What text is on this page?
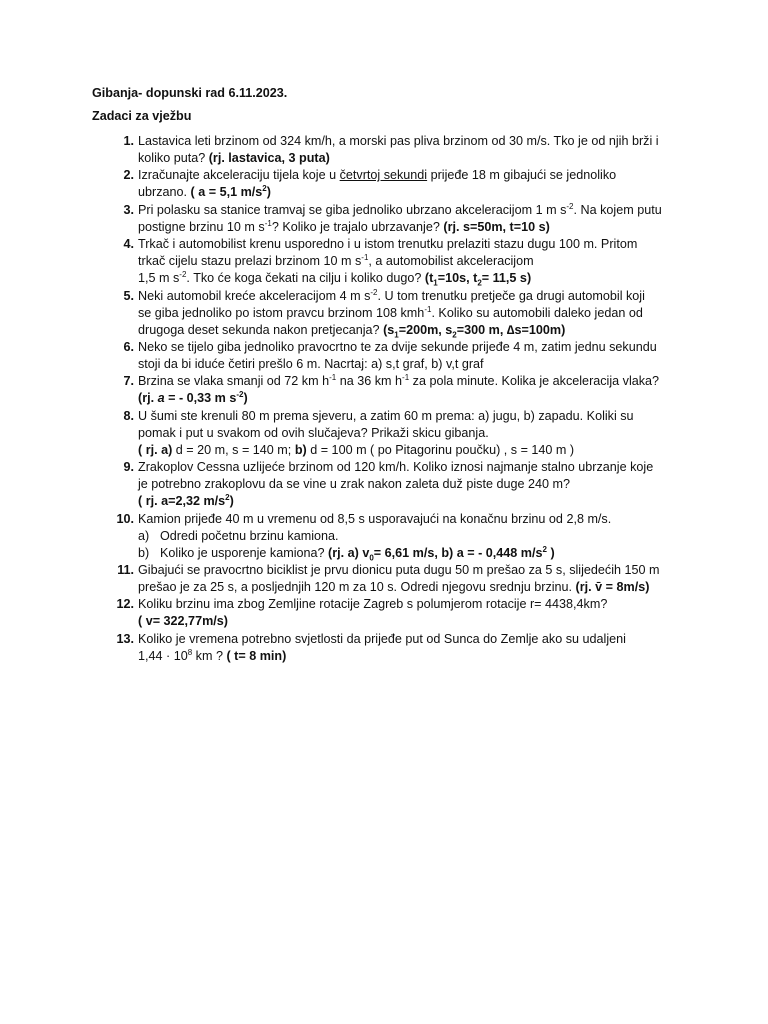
Gibanja- dopunski rad 6.11.2023.
Zadaci za vježbu
1. Lastavica leti brzinom od 324 km/h, a morski pas pliva brzinom od 30 m/s. Tko je od njih brži i
koliko puta? (rj. lastavica, 3 puta)
2. Izračunajte akceleraciju tijela koje u četvrtoj sekundi prijeđe 18 m gibajući se jednoliko
ubrzano. ( a = 5,1 $m/s^2$)
3. Pri polasku sa stanice tramvaj se giba jednoliko ubrzano akceleracijom 1 m $s^{-2}$. Na kojem putu
postigne brzinu 10 m $s^{-1}$? Koliko je trajalo ubrzavanje? (rj. s=50m, t=10 s)
4. Trkač i automobilist krenu usporedno i u istom trenutku prelaziti stazu dugu 100 m. Pritom
trkač cijelu stazu prelazi brzinom 10 m $s^{-1}$, a automobilist akceleracijom
1,5 m $s^{-2}$. Tko će koga čekati na cilju i koliko dugo? ($t_1=10s$, $t_2= 11,5$ s)
5. Neki automobil kreće akceleracijom 4 m $s^{-2}$. U tom trenutku pretječe ga drugi automobil koji
se giba jednoliko po istom pravcu brzinom 108 kmh$^{-1}$. Koliko su automobili daleko jedan od
drugoga deset sekunda nakon pretjecanja? ($s_1=200m$, $s_2=300$ m, ∆s=100m)
6. Neko se tijelo giba jednoliko pravocrtno te za dvije sekunde prijeđe 4 m, zatim jednu sekundu
stoji da bi iduće četiri prešlo 6 m. Nacrtaj: a) s,t graf, b) v,t graf
7. Brzina se vlaka smanji od 72 km $h^{-1}$ na 36 km $h^{-1}$ za pola minute. Kolika je akceleracija vlaka?
(rj. a = - 0,33 m $s^{-2}$)
8. U šumi ste krenuli 80 m prema sjeveru, a zatim 60 m prema: a) jugu, b) zapadu. Koliki su
pomak i put u svakom od ovih slučajeva? Prikaži skicu gibanja.
( rj. a) d = 20 m, s = 140 m; b) d = 100 m ( po Pitagorinu poučku) , s = 140 m )
9. Zrakoplov Cessna uzlijeće brzinom od 120 km/h. Koliko iznosi najmanje stalno ubrzanje koje
je potrebno zrakoplovu da se vine u zrak nakon zaleta duž piste duge 240 m?
( rj. a=2,32 $m/s^2$)
10. Kamion prijeđe 40 m u vremenu od 8,5 s usporavajući na konačnu brzinu od 2,8 m/s.
a) Odredi početnu brzinu kamiona.
b) Koliko je usporenje kamiona? (rj. a) $v_0= 6,61$ m/s, b) a = - 0,448 $m/s^2$ )
11. Gibajući se pravocrtno biciklist je prvu dionicu puta dugu 50 m prešao za 5 s, slijedećih 150 m
prešao je za 25 s, a posljednjih 120 m za 10 s. Odredi njegovu srednju brzinu. (rj. v̄ = 8m/s)
12. Koliku brzinu ima zbog Zemljine rotacije Zagreb s polumjerom rotacije r= 4438,4km?
( v= 322,77m/s)
13. Koliko je vremena potrebno svjetlosti da prijeđe put od Sunca do Zemlje ako su udaljeni
$1,44 \cdot 10^8$ km ? ( t= 8 min)
